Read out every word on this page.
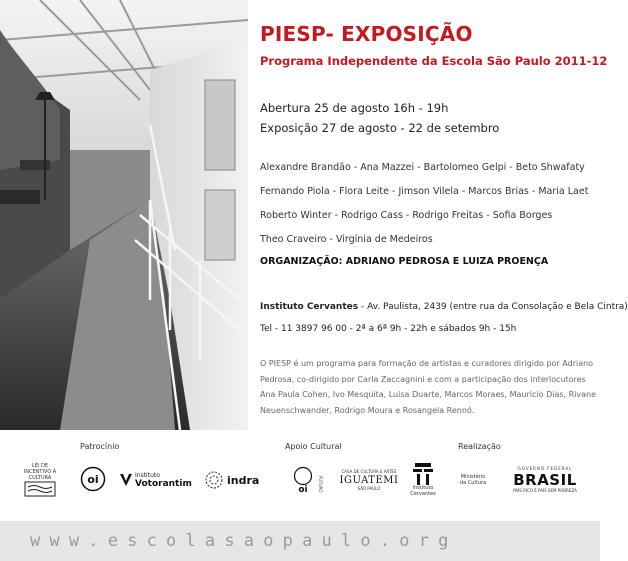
PIESP- EXPOSIÇÃO
Programa Independente da Escola São Paulo 2011-12
Abertura 25 de agosto 16h - 19h
Exposição 27 de agosto - 22 de setembro
Alexandre Brandão - Ana Mazzei - Bartolomeo Gelpi - Beto Shwafaty
Fernando Piola - Flora Leite - Jimson Vilela - Marcos Brias - Maria Laet
Roberto Winter - Rodrigo Cass - Rodrigo Freitas - Sofia Borges
Theo Craveiro - Virgínia de Medeiros
ORGANIZAÇÃO: ADRIANO PEDROSA E LUIZA PROENÇA
Instituto Cervantes - Av. Paulista, 2439 (entre rua da Consolação e Bela Cintra)
Tel - 11 3897 96 00 - 2ª a 6ª 9h - 22h e sábados 9h - 15h
O PIESP é um programa para formação de artistas e curadores dirigido por Adriano Pedrosa, co-dirigido por Carla Zaccagnini e com a participação dos interlocutores Ana Paula Cohen, Ivo Mesquita, Luisa Duarte, Marcos Moraes, Mauricio Dias, Rivane Neuenschwander, Rodrigo Moura e Rosangela Rennó.
Patrocínio	Apoio Cultural	Realização
LEI DE INCENTIVO À CULTURA	oi	Instituto
Votorantim	indra
oi	FUTURO
CASA DE CULTURA E ARTES
IGUATEMI
SÃO PAULO	Instituto Cervantes
Ministério da Cultura
GOVERNO FEDERAL
BRASIL
PAÍS RICO É PAÍS SEM POBREZA
www.escolasaopaulo.org
